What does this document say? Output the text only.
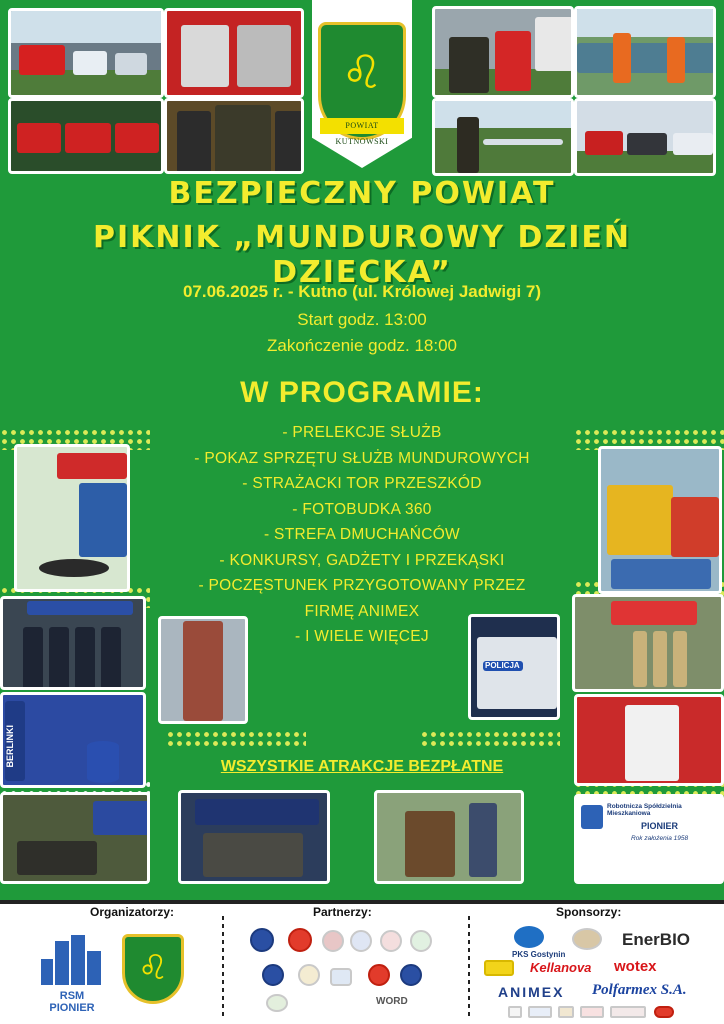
♌
POWIAT KUTNOWSKI
BEZPIECZNY POWIAT
PIKNIK „MUNDUROWY DZIEŃ DZIECKA”
07.06.2025 r. - Kutno (ul. Królowej Jadwigi 7)
Start godz. 13:00
Zakończenie godz. 18:00
W PROGRAMIE:
- PRELEKCJE SŁUŻB
- POKAZ SPRZĘTU SŁUŻB MUNDUROWYCH
- STRAŻACKI TOR PRZESZKÓD
- FOTOBUDKA 360
- STREFA DMUCHAŃCÓW
- KONKURSY, GADŻETY I PRZEKĄSKI
- POCZĘSTUNEK PRZYGOTOWANY PRZEZ
FIRMĘ ANIMEX
- I WIELE WIĘCEJ
BERLINKI
POLICJA
Robotnicza Spółdzielnia Mieszkaniowa
PIONIER
Rok założenia 1958
WSZYSTKIE ATRAKCJE BEZPŁATNE
Organizatorzy:	Partnerzy:	Sponsorzy:
RSM PIONIER
♌
WORD
PKS Gostynin
EnerBIO
Kellanova wotex
ANIMEX Polfarmex S.A.
